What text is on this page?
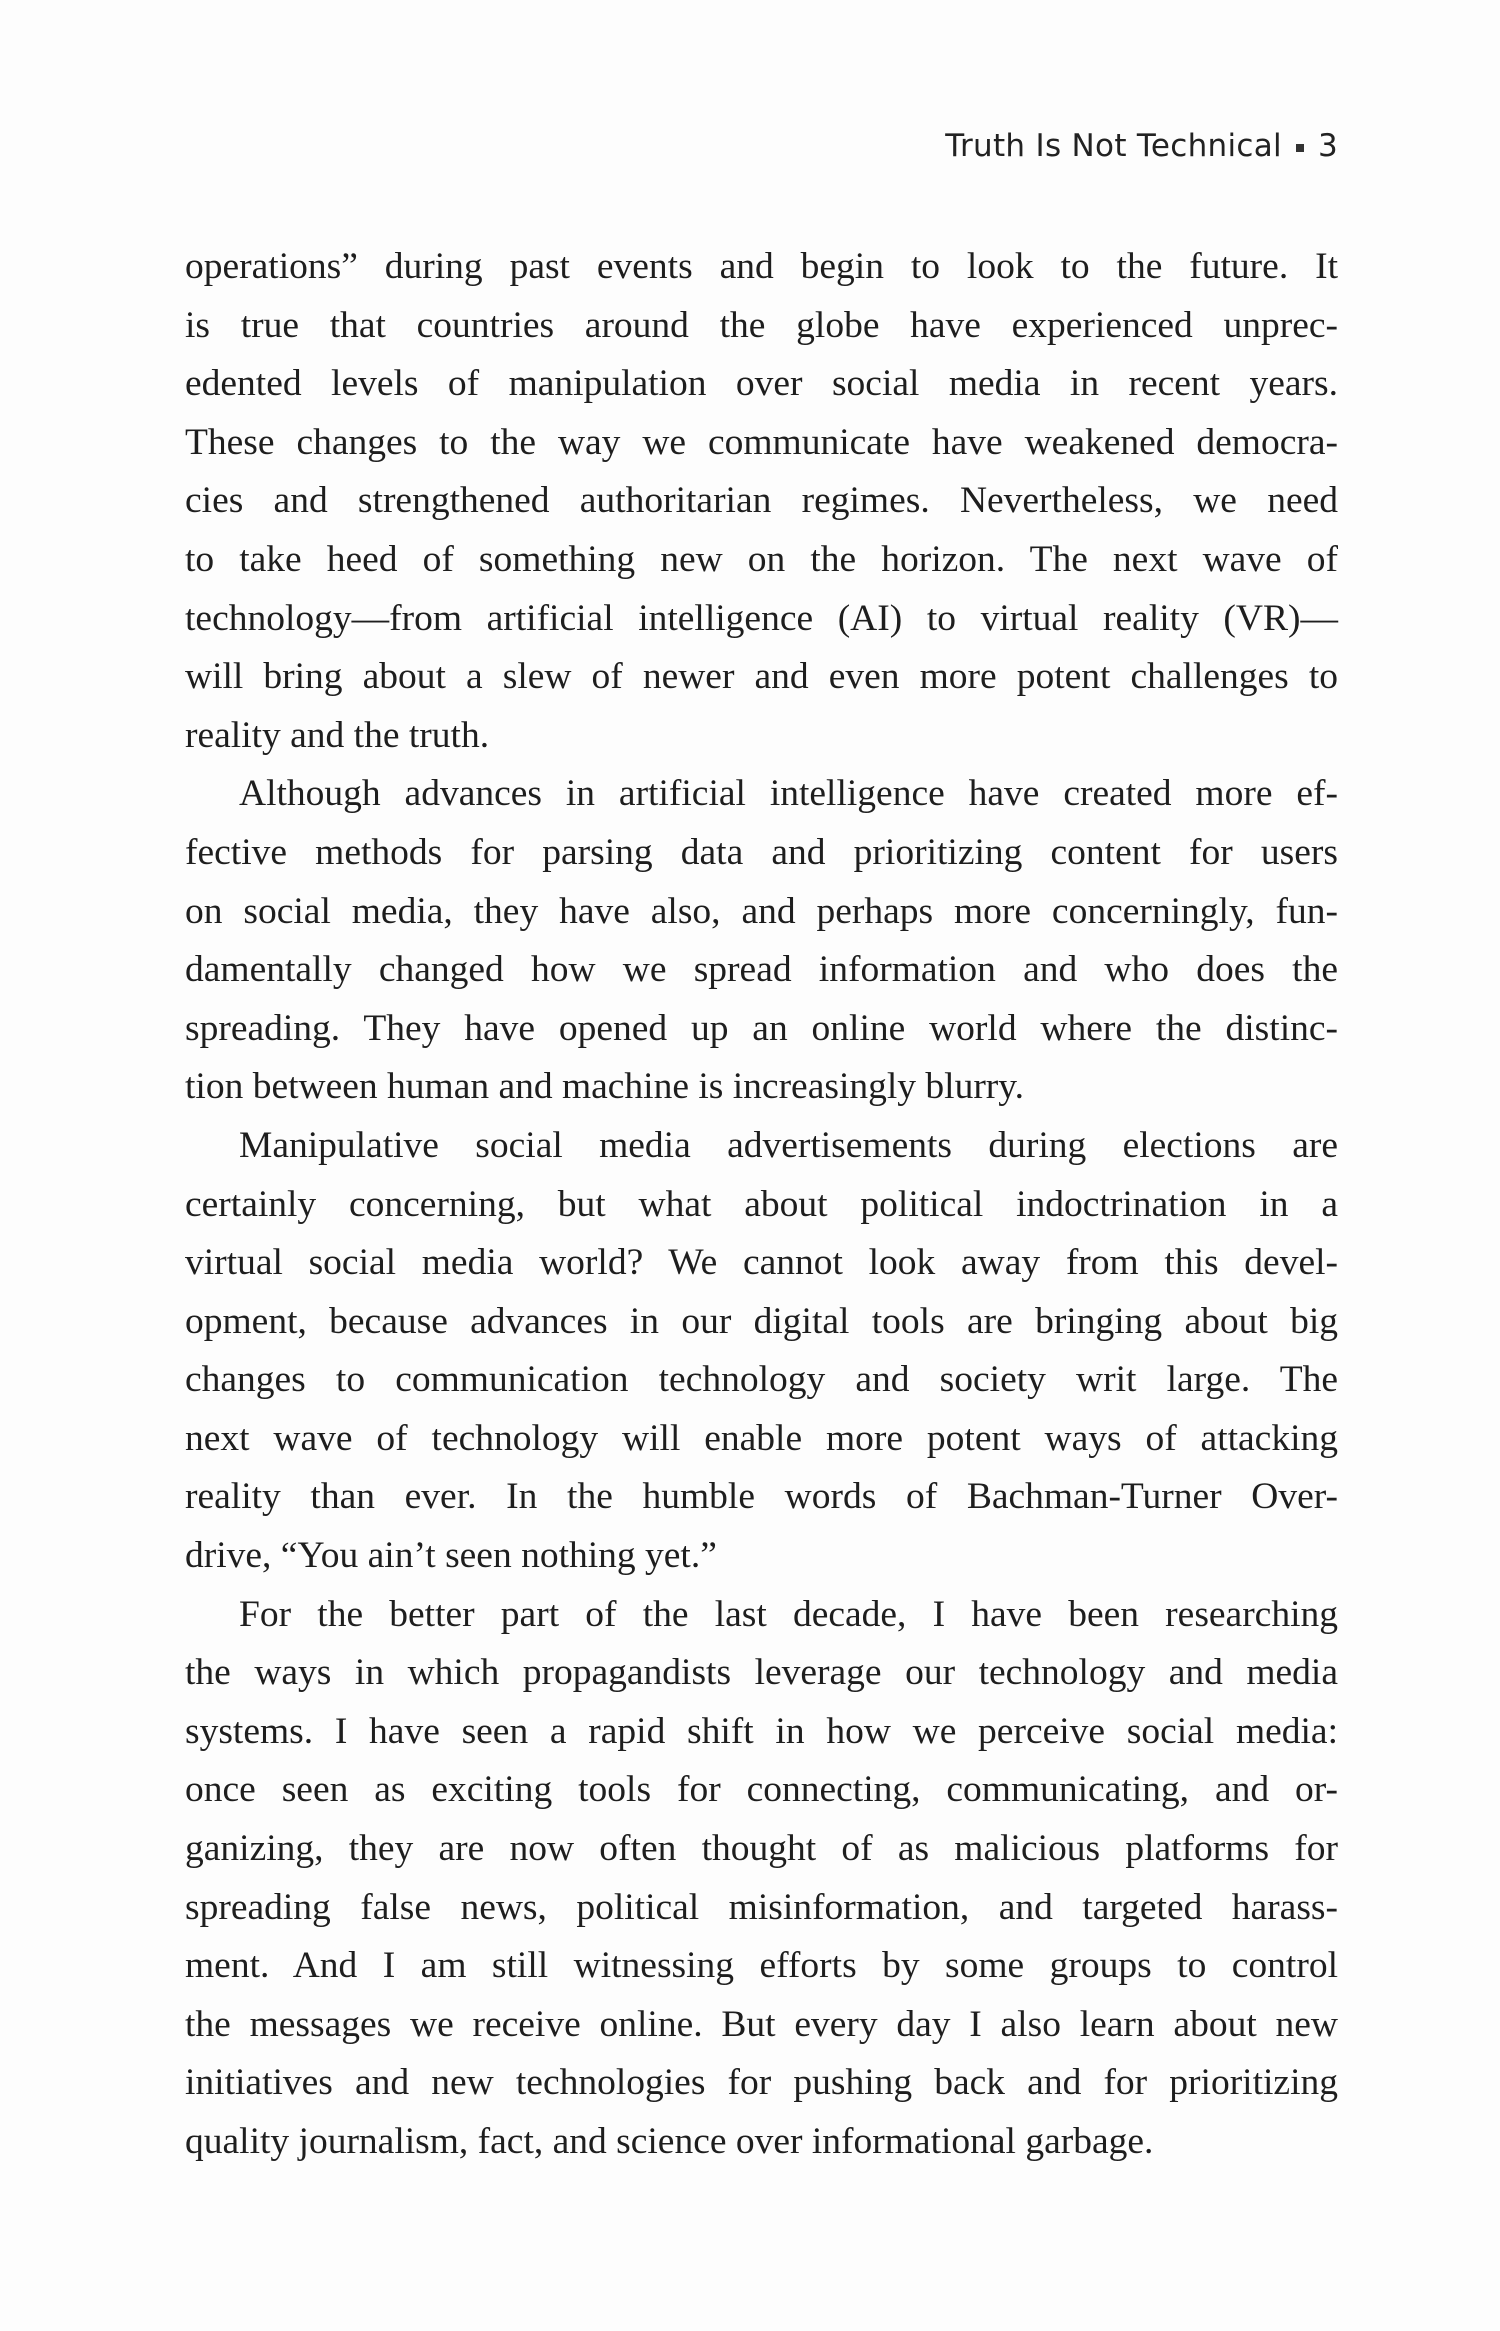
Truth Is Not Technical 3
operations” during past events and begin to look to the future. It
is true that countries around the globe have experienced unprec-
edented levels of manipulation over social media in recent years.
These changes to the way we communicate have weakened democra-
cies and strengthened authoritarian regimes. Nevertheless, we need
to take heed of something new on the horizon. The next wave of
technology—from artificial intelligence (AI) to virtual reality (VR)—
will bring about a slew of newer and even more potent challenges to
reality and the truth.
Although advances in artificial intelligence have created more ef-
fective methods for parsing data and prioritizing content for users
on social media, they have also, and perhaps more concerningly, fun-
damentally changed how we spread information and who does the
spreading. They have opened up an online world where the distinc-
tion between human and machine is increasingly blurry.
Manipulative social media advertisements during elections are
certainly concerning, but what about political indoctrination in a
virtual social media world? We cannot look away from this devel-
opment, because advances in our digital tools are bringing about big
changes to communication technology and society writ large. The
next wave of technology will enable more potent ways of attacking
reality than ever. In the humble words of Bachman-Turner Over-
drive, “You ain’t seen nothing yet.”
For the better part of the last decade, I have been researching
the ways in which propagandists leverage our technology and media
systems. I have seen a rapid shift in how we perceive social media:
once seen as exciting tools for connecting, communicating, and or-
ganizing, they are now often thought of as malicious platforms for
spreading false news, political misinformation, and targeted harass-
ment. And I am still witnessing efforts by some groups to control
the messages we receive online. But every day I also learn about new
initiatives and new technologies for pushing back and for prioritizing
quality journalism, fact, and science over informational garbage.
